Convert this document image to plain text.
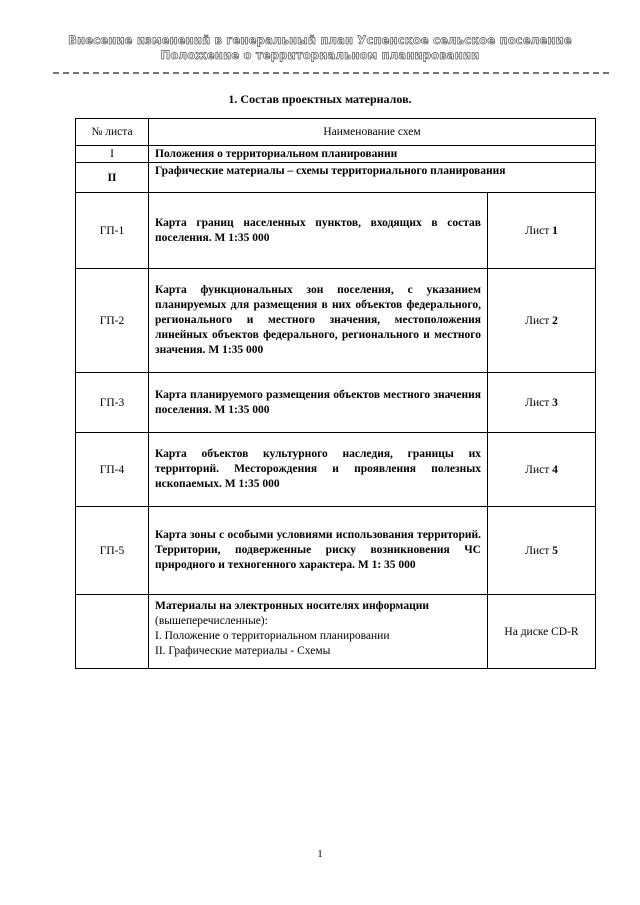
Внесение изменений в генеральный план Успенское сельское поселение
Положение о территориальном планировании
1. Состав проектных материалов.
№ листа	Наименование схем	
I	Положения о территориальном планировании	
II	Графические материалы – схемы территориального планирования	
ГП-1	Карта границ населенных пунктов, входящих в состав поселения. М 1:35 000	Лист 1
ГП-2	Карта функциональных зон поселения, с указанием планируемых для размещения в них объектов федерального, регионального и местного значения, местоположения линейных объектов федерального, регионального и местного значения. М 1:35 000	Лист 2
ГП-3	Карта планируемого размещения объектов местного значения поселения. М 1:35 000	Лист 3
ГП-4	Карта объектов культурного наследия, границы их территорий. Месторождения и проявления полезных ископаемых. М 1:35 000	Лист 4
ГП-5	Карта зоны с особыми условиями использования территорий. Территории, подверженные риску возникновения ЧС природного и техногенного характера. М 1: 35 000	Лист 5

	Материалы на электронных носителях информации
(вышеперечисленные):
I. Положение о территориальном планировании
II. Графические материалы - Схемы	На диске CD-R
1
